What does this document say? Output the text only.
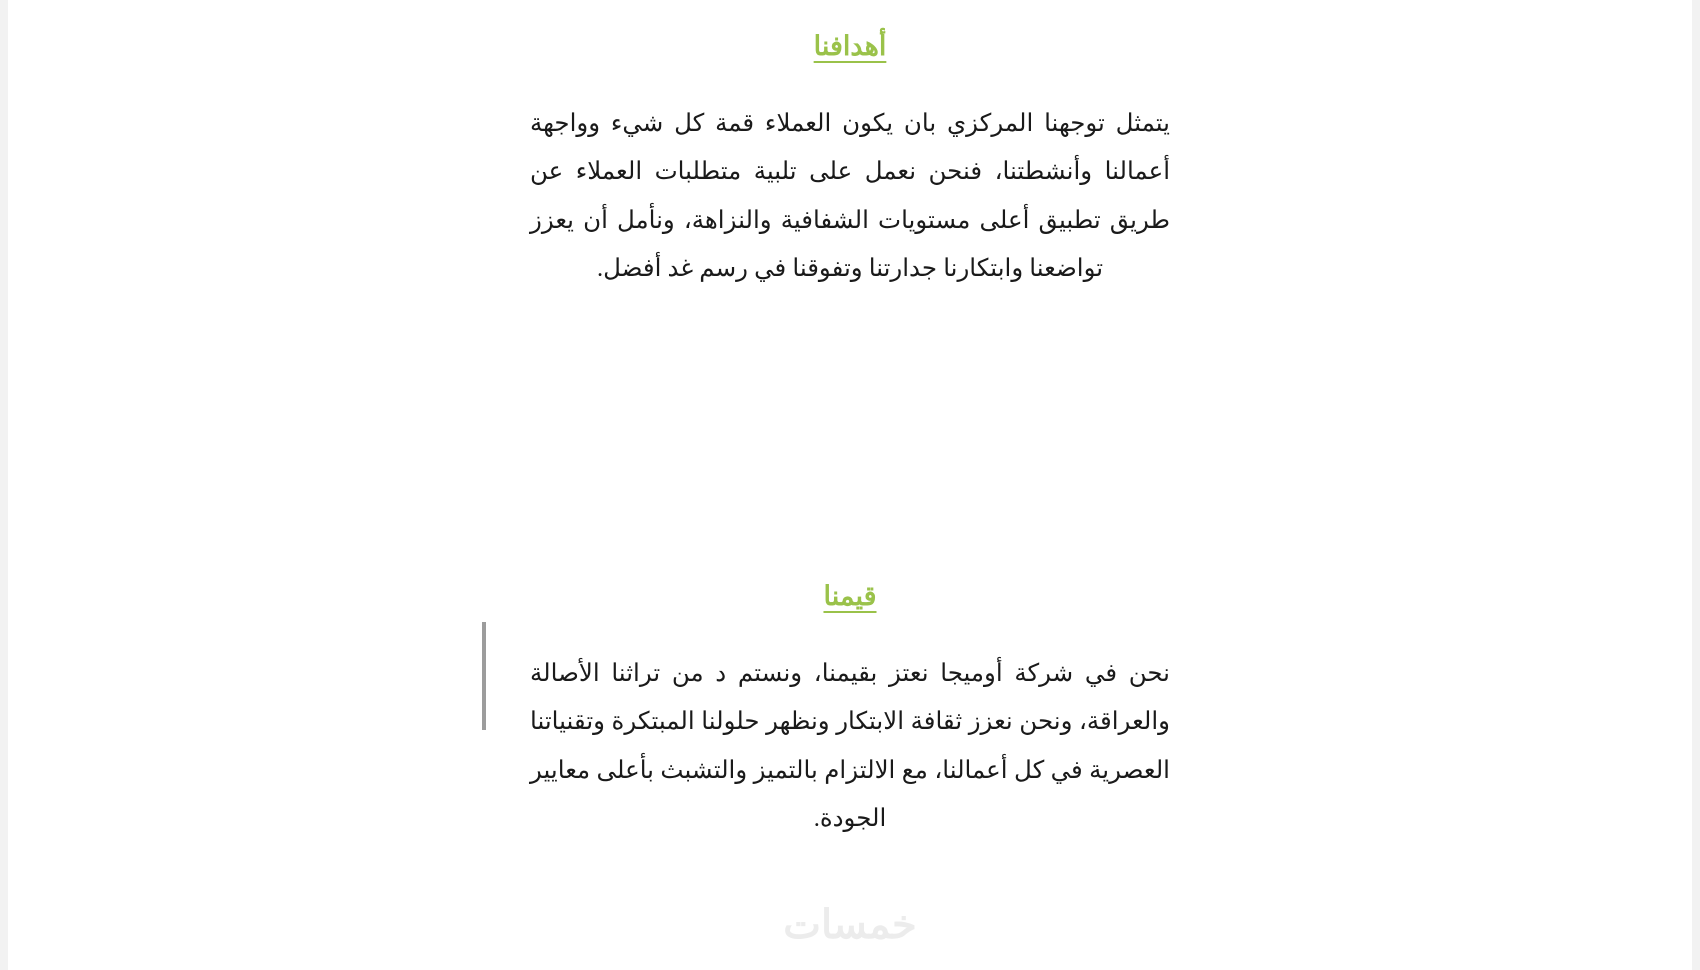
أهدافنا
يتمثل توجهنا المركزي بان يكون العملاء قمة كل شيء وواجهة أعمالنا وأنشطتنا، فنحن نعمل على تلبية متطلبات العملاء عن طريق تطبيق أعلى مستويات الشفافية والنزاهة، ونأمل أن يعزز تواضعنا وابتكارنا جدارتنا وتفوقنا في رسم غد أفضل.
قيمنا
نحن في شركة أوميجا نعتز بقيمنا، ونستم د من تراثنا الأصالة والعراقة، ونحن نعزز ثقافة الابتكار ونظهر حلولنا المبتكرة وتقنياتنا العصرية في كل أعمالنا، مع الالتزام بالتميز والتشبث بأعلى معايير الجودة.
خمسات
